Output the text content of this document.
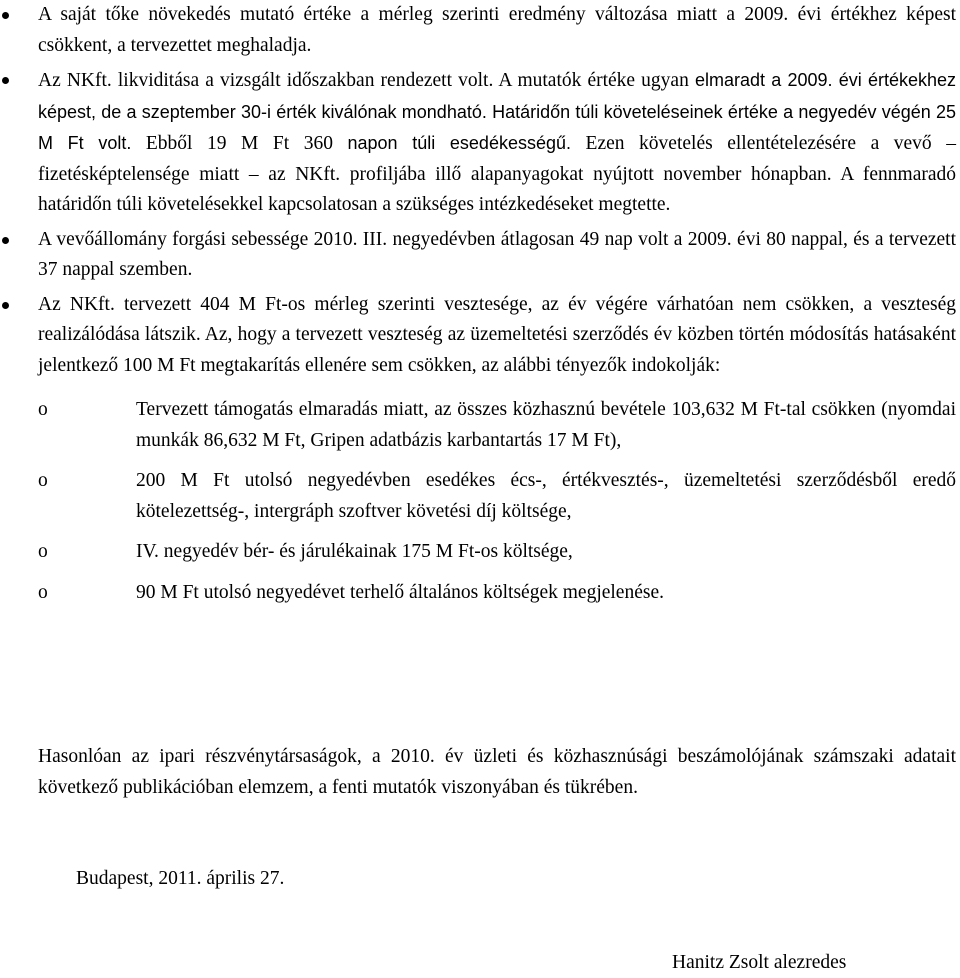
A saját tőke növekedés mutató értéke a mérleg szerinti eredmény változása miatt a 2009. évi értékhez képest csökkent, a tervezettet meghaladja.
Az NKft. likviditása a vizsgált időszakban rendezett volt. A mutatók értéke ugyan elmaradt a 2009. évi értékekhez képest, de a szeptember 30-i érték kiválónak mondható. Határidőn túli követeléseinek értéke a negyedév végén 25 M Ft volt. Ebből 19 M Ft 360 napon túli esedékességű. Ezen követelés ellentételezésére a vevő – fizetésképtelensége miatt – az NKft. profiljába illő alapanyagokat nyújtott november hónapban. A fennmaradó határidőn túli követelésekkel kapcsolatosan a szükséges intézkedéseket megtette.
A vevőállomány forgási sebessége 2010. III. negyedévben átlagosan 49 nap volt a 2009. évi 80 nappal, és a tervezett 37 nappal szemben.
Az NKft. tervezett 404 M Ft-os mérleg szerinti vesztesége, az év végére várhatóan nem csökken, a veszteség realizálódása látszik. Az, hogy a tervezett veszteség az üzemeltetési szerződés év közben történ módosítás hatásaként jelentkező 100 M Ft megtakarítás ellenére sem csökken, az alábbi tényezők indokolják:
o	Tervezett támogatás elmaradás miatt, az összes közhasznú bevétele 103,632 M Ft-tal csökken (nyomdai munkák 86,632 M Ft, Gripen adatbázis karbantartás 17 M Ft),
o	200 M Ft utolsó negyedévben esedékes écs-, értékvesztés-, üzemeltetési szerződésből eredő kötelezettség-, intergráph szoftver követési díj költsége,
o	IV. negyedév bér- és járulékainak 175 M Ft-os költsége,
o	90 M Ft utolsó negyedévet terhelő általános költségek megjelenése.

Hasonlóan az ipari részvénytársaságok, a 2010. év üzleti és közhasznúsági beszámolójának számszaki adatait következő publikációban elemzem, a fenti mutatók viszonyában és tükrében.

Budapest, 2011. április 27.

Hanitz Zsolt alezredes
